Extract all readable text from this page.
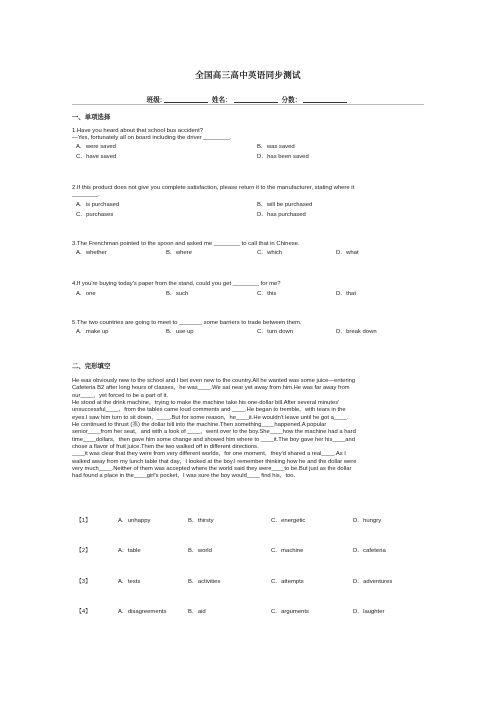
全国高三高中英语同步测试
班级:	姓名：	分数：
一、单项选择
1.Have you heard about that school bus accident?
—Yes, fortunately all on board including the driver ________.
A．were saved	B．was saved
C．have saved	D．has been saved
2.If this product does not give you complete satisfaction, please return it to the manufacturer, stating where it
________.
A．is purchased	B．will be purchased
C．purchases	D．has purchased
3.The Frenchman pointed to the spoon and asked me ________ to call that in Chinese.
A．whether	B．where	C．which	D．what
4.If you're buying today's paper from the stand, could you get ________ for me?
A．one	B．such	C．this	D．that
5.The two countries are going to meet to _______ some barriers to trade between them.
A．make up	B．use up	C．turn down	D．break down
二、完形填空

He was obviously new to the school and I bet even new to the country.All he wanted was some juice—entering

Cafeteria B2 after long hours of classes，he was____.We sat near yet away from him.He was far away from

our____，yet forced to be a part of it.

He stood at the drink machine，trying to make the machine take his one-dollar bill.After several minutes'

unsuccessful____，from the tables came loud comments and ____.He began to tremble，with tears in the

eyes.I saw him turn to sit down，____.But for some reason，he____it.He wouldn't leave until he got a____.

He continued to thrust (塞) the dollar bill into the machine.Then something____happened.A popular

senior____from her seat，and with a look of ____，went over to the boy.She____how the machine had a hard

time____dollars，then gave him some change and showed him where to ____it.The boy gave her his____and

chose a flavor of fruit juice.Then the two walked off in different directions.

____it was clear that they were from very different worlds，for one moment，they'd shared a real____.As I

walked away from my lunch table that day，I looked at the boy.I remember thinking how he and the dollar were

very much____.Neither of them was accepted where the world said they were____to be.But just as the dollar

had found a place in the____girl's pocket，I was sure the boy would____ find his，too.

【1】	A．unhappy	B．thirsty	C．energetic	D．hungry
【2】	A．table	B．world	C．machine	D．cafeteria
【3】	A．tests	B．activities	C．attempts	D．adventures
【4】	A．disagreements	B．aid	C．arguments	D．laughter
